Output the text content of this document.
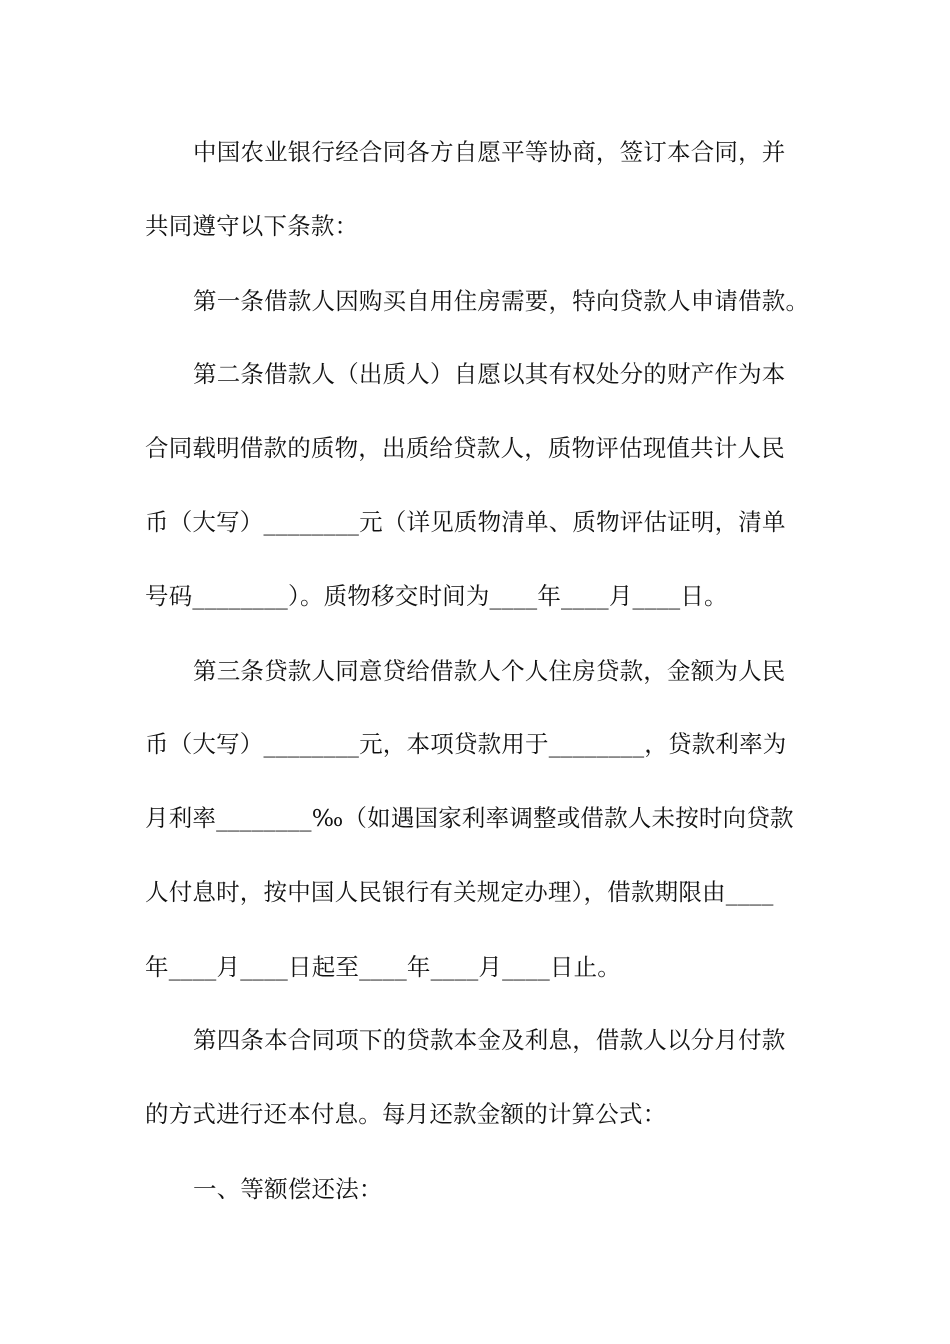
中国农业银行经合同各方自愿平等协商，签订本合同，并
共同遵守以下条款：
第一条借款人因购买自用住房需要，特向贷款人申请借款。
第二条借款人（出质人）自愿以其有权处分的财产作为本
合同载明借款的质物，出质给贷款人，质物评估现值共计人民
币（大写）________元（详见质物清单、质物评估证明，清单
号码________）。质物移交时间为____年____月____日。
第三条贷款人同意贷给借款人个人住房贷款，金额为人民
币（大写）________元，本项贷款用于________，贷款利率为
月利率________‰（如遇国家利率调整或借款人未按时向贷款
人付息时，按中国人民银行有关规定办理），借款期限由____
年____月____日起至____年____月____日止。
第四条本合同项下的贷款本金及利息，借款人以分月付款
的方式进行还本付息。每月还款金额的计算公式：
一、等额偿还法：
